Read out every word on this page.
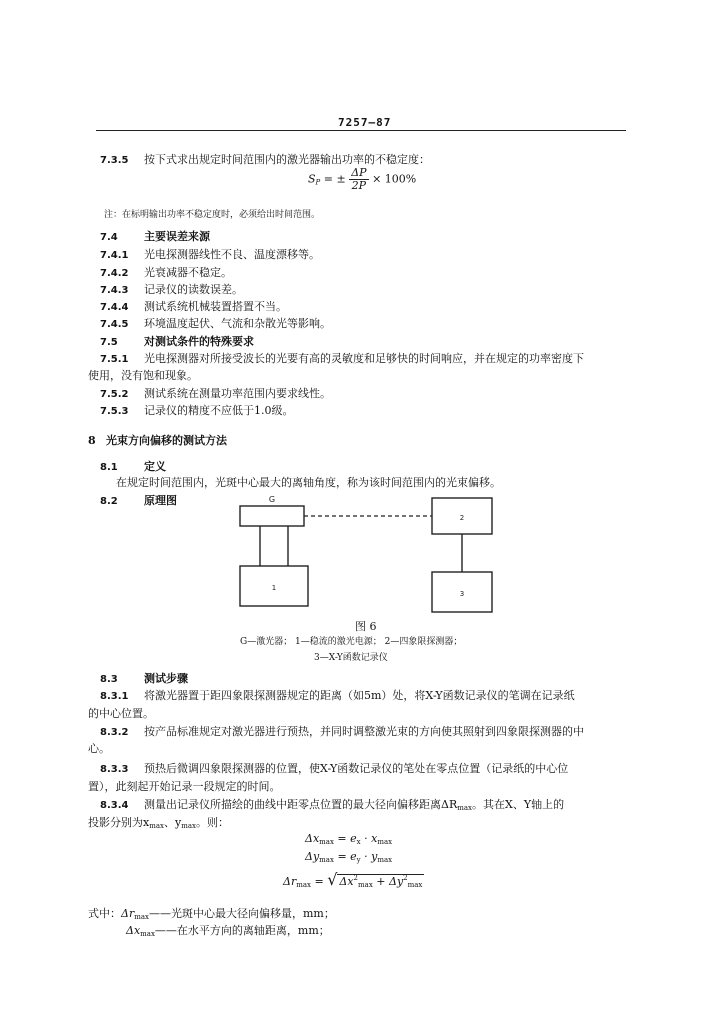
7257—87
7.3.5 按下式求出规定时间范围内的激光器输出功率的不稳定度：
$S_P$ = ± $\frac{\Delta P}{2P} \times 100\%$
注：在标明输出功率不稳定度时，必须给出时间范围。
7.4 主要误差来源
7.4.1 光电探测器线性不良、温度漂移等。
7.4.2 光衰减器不稳定。
7.4.3 记录仪的读数误差。
7.4.4 测试系统机械装置搭置不当。
7.4.5 环境温度起伏、气流和杂散光等影响。
7.5 对测试条件的特殊要求
7.5.1 光电探测器对所接受波长的光要有高的灵敏度和足够快的时间响应，并在规定的功率密度下
使用，没有饱和现象。
7.5.2 测试系统在测量功率范围内要求线性。
7.5.3 记录仪的精度不应低于1.0级。
8 光束方向偏移的测试方法
8.1 定义
在规定时间范围内，光斑中心最大的离轴角度，称为该时间范围内的光束偏移。
8.2 原理图	G
1
2
3
图 6
G—激光器； 1—稳流的激光电源； 2—四象限探测器；
3—X-Y函数记录仪
8.3 测试步骤
8.3.1 将激光器置于距四象限探测器规定的距离（如5m）处，将X-Y函数记录仪的笔调在记录纸
的中心位置。
8.3.2 按产品标准规定对激光器进行预热，并同时调整激光束的方向使其照射到四象限探测器的中
心。
8.3.3 预热后微调四象限探测器的位置，使X-Y函数记录仪的笔处在零点位置（记录纸的中心位
置），此刻起开始记录一段规定的时间。
8.3.4 测量出记录仪所描绘的曲线中距零点位置的最大径向偏移距离$\Delta R_{max}$。其在X、Y轴上的
投影分别为$x_{max}$、$y_{max}$。则：
$\Delta x_{max} = e_x \cdot x_{max}$
$\Delta y_{max} = e_y \cdot y_{max}$
$\Delta r_{max}$ = √ $\Delta x^2_{max} + \Delta y^2_{max}$
式中：$\Delta r_{max}——$光斑中心最大径向偏移量，mm；
$\Delta x_{max}——$在水平方向的离轴距离，mm；
